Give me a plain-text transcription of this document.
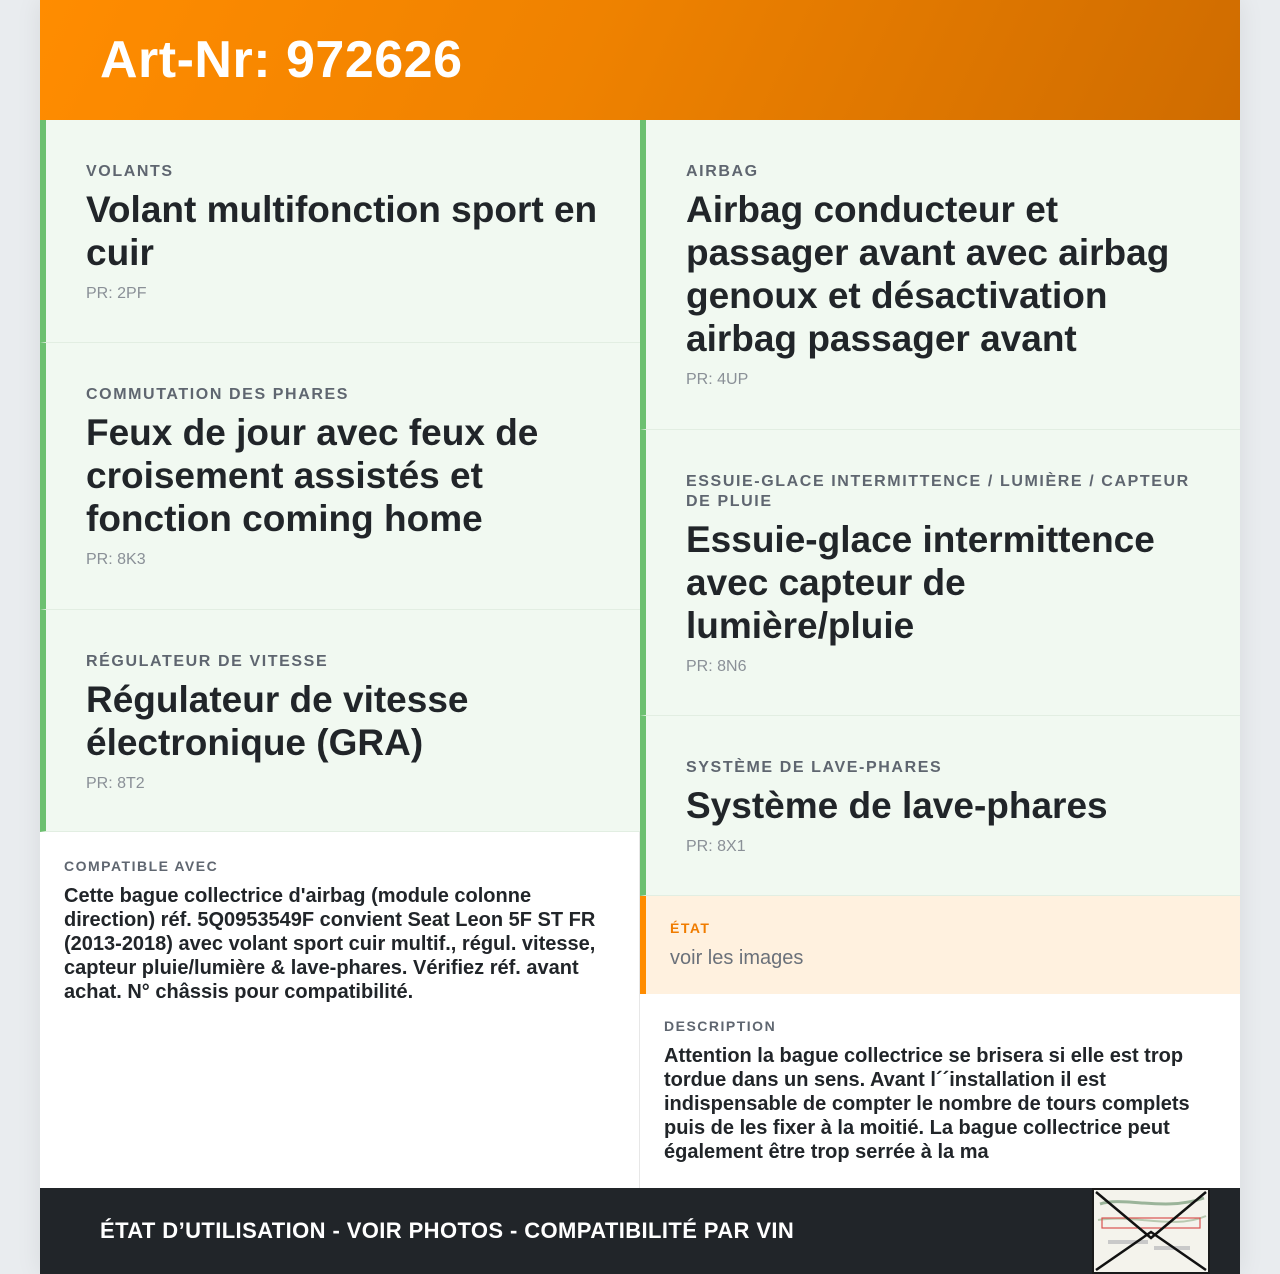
Art-Nr: 972626
VOLANTS
Volant multifonction sport en cuir
PR: 2PF
COMMUTATION DES PHARES
Feux de jour avec feux de croisement assistés et fonction coming home
PR: 8K3
RÉGULATEUR DE VITESSE
Régulateur de vitesse électronique (GRA)
PR: 8T2
COMPATIBLE AVEC
Cette bague collectrice d'airbag (module colonne direction) réf. 5Q0953549F convient Seat Leon 5F ST FR (2013-2018) avec volant sport cuir multif., régul. vitesse, capteur pluie/lumière & lave-phares. Vérifiez réf. avant achat. N° châssis pour compatibilité.
AIRBAG
Airbag conducteur et passager avant avec airbag genoux et désactivation airbag passager avant
PR: 4UP
ESSUIE-GLACE INTERMITTENCE / LUMIÈRE / CAPTEUR DE PLUIE
Essuie-glace intermittence avec capteur de lumière/pluie
PR: 8N6
SYSTÈME DE LAVE-PHARES
Système de lave-phares
PR: 8X1
ÉTAT
voir les images
DESCRIPTION
Attention la bague collectrice se brisera si elle est trop tordue dans un sens. Avant l´´installation il est indispensable de compter le nombre de tours complets puis de les fixer à la moitié. La bague collectrice peut également être trop serrée à la ma
ÉTAT D’UTILISATION - VOIR PHOTOS - COMPATIBILITÉ PAR VIN
